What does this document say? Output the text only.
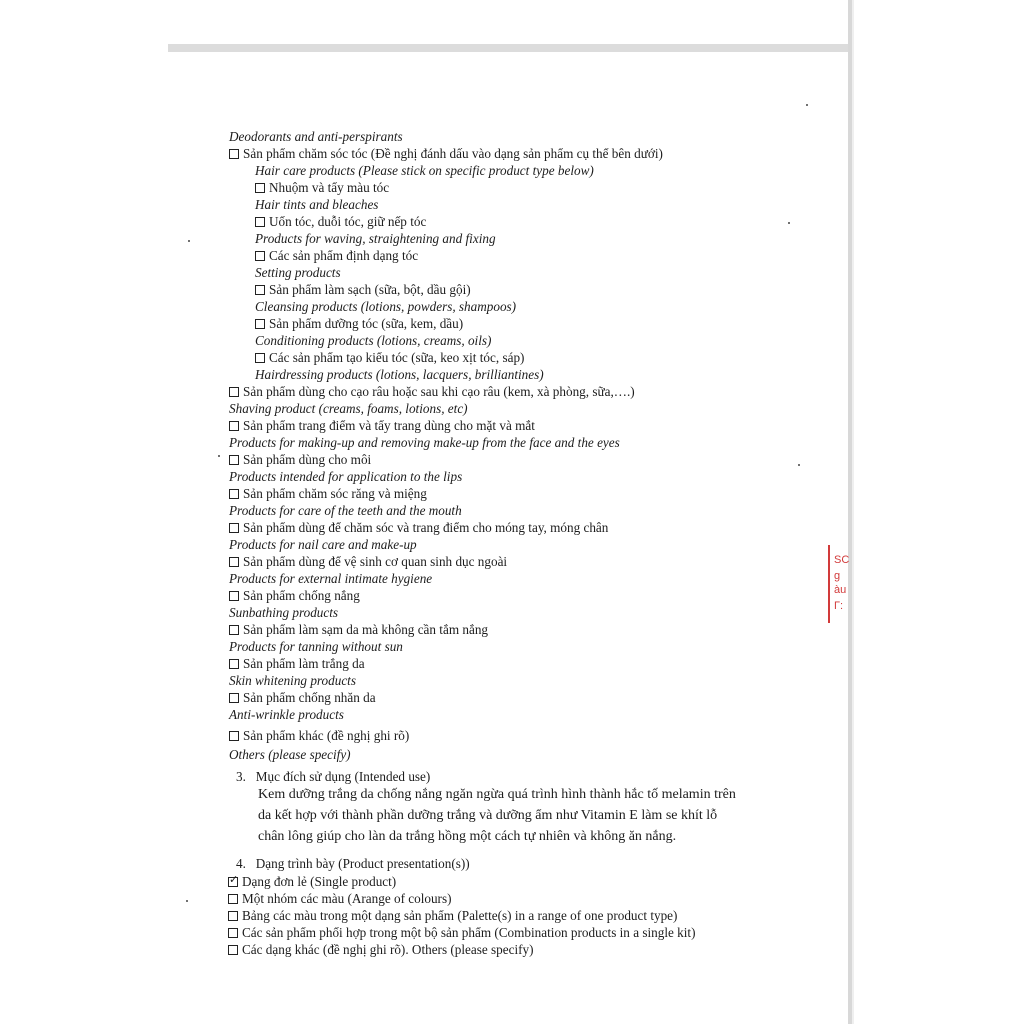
Deodorants and anti-perspirants
Sản phẩm chăm sóc tóc (Đề nghị đánh dấu vào dạng sản phẩm cụ thể bên dưới)
Hair care products (Please stick on specific product type below)
Nhuộm và tẩy màu tóc
Hair tints and bleaches
Uốn tóc, duỗi tóc, giữ nếp tóc
Products for waving, straightening and fixing
Các sản phẩm định dạng tóc
Setting products
Sản phẩm làm sạch (sữa, bột, dầu gội)
Cleansing products (lotions, powders, shampoos)
Sản phẩm dưỡng tóc (sữa, kem, dầu)
Conditioning products (lotions, creams, oils)
Các sản phẩm tạo kiểu tóc (sữa, keo xịt tóc, sáp)
Hairdressing products (lotions, lacquers, brilliantines)
Sản phẩm dùng cho cạo râu hoặc sau khi cạo râu (kem, xà phòng, sữa,….)
Shaving product (creams, foams, lotions, etc)
Sản phẩm trang điểm và tẩy trang dùng cho mặt và mắt
Products for making-up and removing make-up from the face and the eyes
Sản phẩm dùng cho môi
Products intended for application to the lips
Sản phẩm chăm sóc răng và miệng
Products for care of the teeth and the mouth
Sản phẩm dùng để chăm sóc và trang điểm cho móng tay, móng chân
Products for nail care and make-up
Sản phẩm dùng để vệ sinh cơ quan sinh dục ngoài
Products for external intimate hygiene
Sản phẩm chống nắng
Sunbathing products
Sản phẩm làm sạm da mà không cần tắm nắng
Products for tanning without sun
Sản phẩm làm trắng da
Skin whitening products
Sản phẩm chống nhăn da
Anti-wrinkle products
Sản phẩm khác (đề nghị ghi rõ)
Others (please specify)
3. Mục đích sử dụng (Intended use)
Kem dưỡng trắng da chống nắng ngăn ngừa quá trình hình thành hắc tố melamin trên
da kết hợp với thành phần dưỡng trắng và dưỡng ẩm như Vitamin E làm se khít lỗ
chân lông giúp cho làn da trắng hồng một cách tự nhiên và không ăn nắng.
4. Dạng trình bày (Product presentation(s))
✓Dạng đơn lẻ (Single product)
Một nhóm các màu (Arange of colours)
Bảng các màu trong một dạng sản phẩm (Palette(s) in a range of one product type)
Các sản phẩm phối hợp trong một bộ sản phẩm (Combination products in a single kit)
Các dạng khác (đề nghị ghi rõ). Others (please specify)
SC
g
àu
Γ:
